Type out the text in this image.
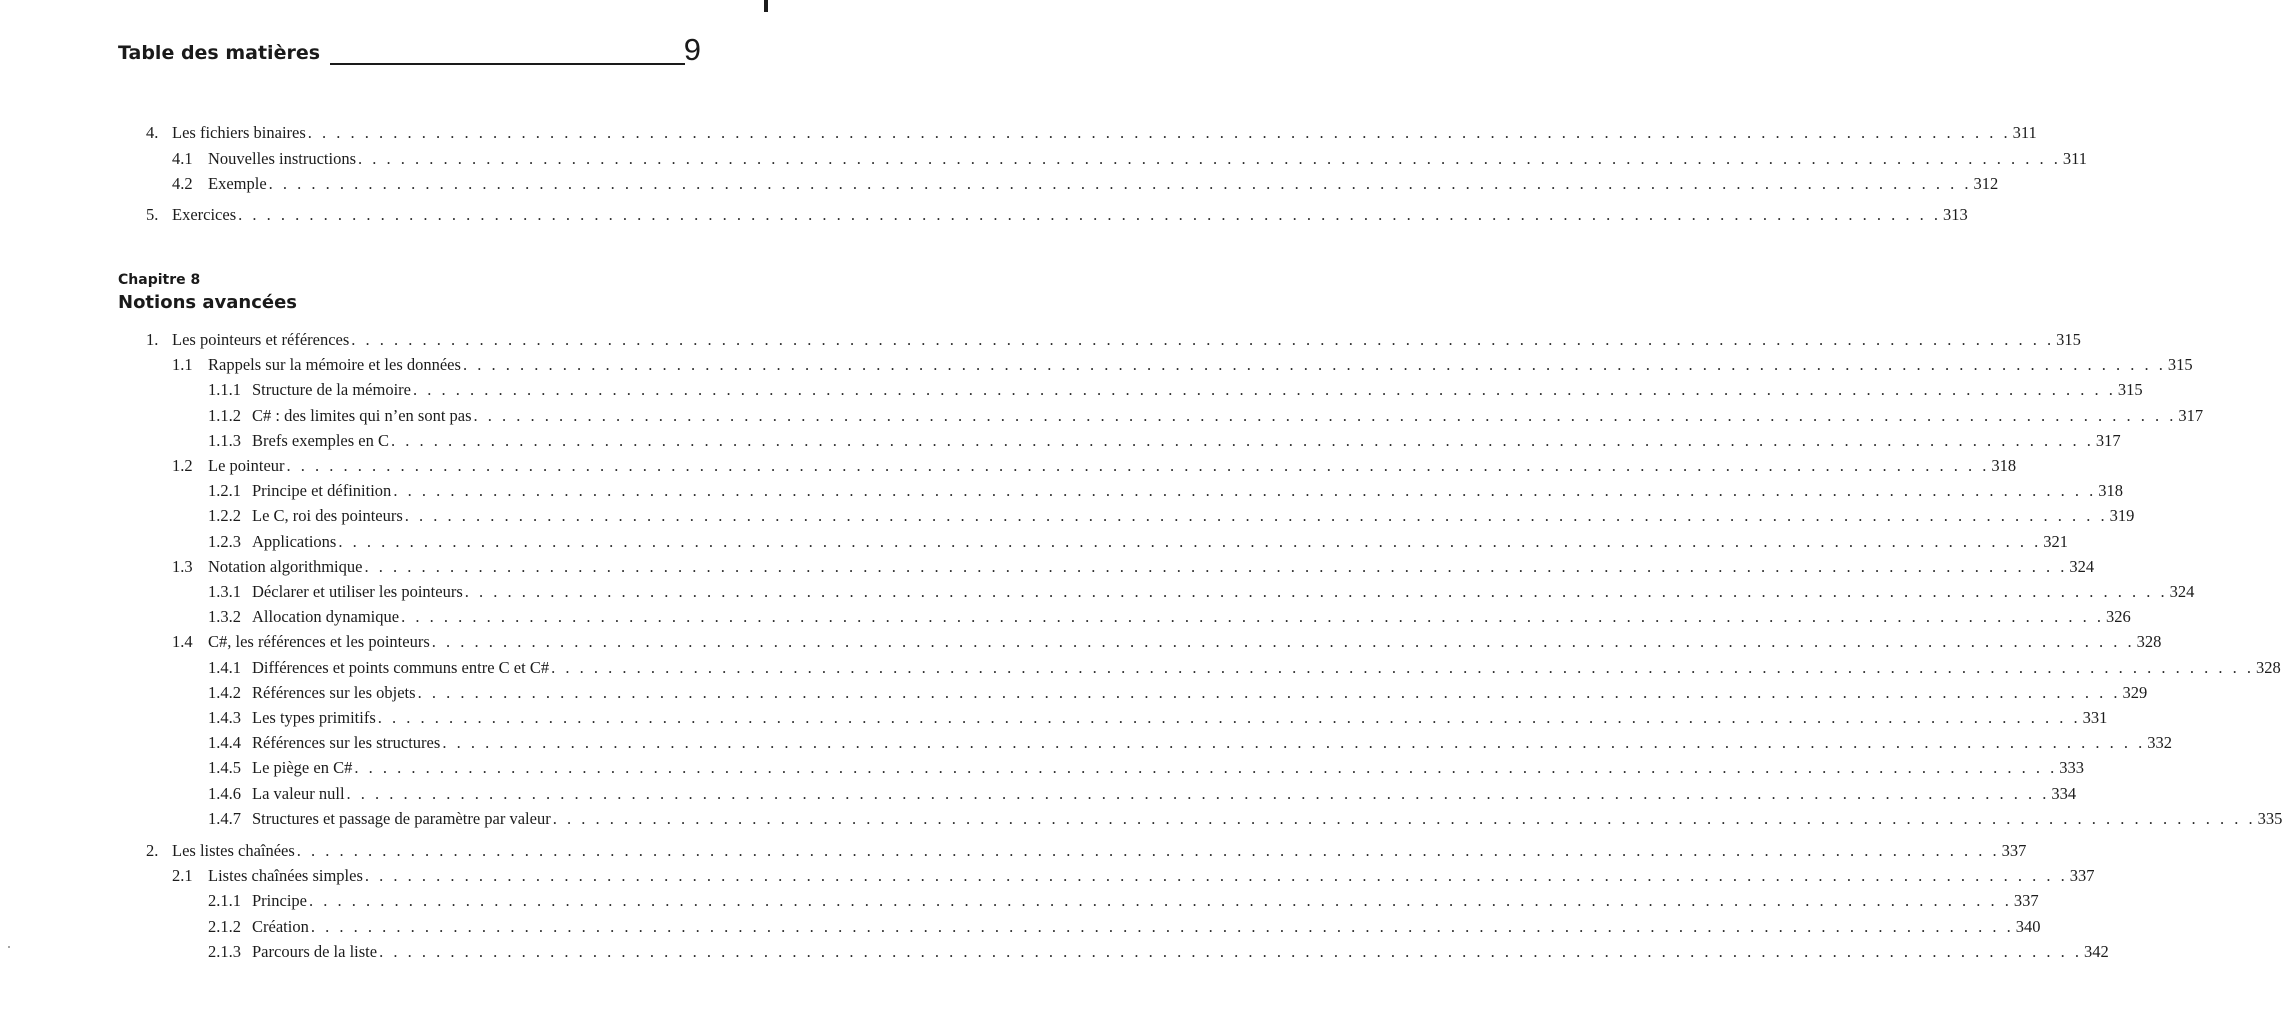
Table des matières	9
4. Les fichiers binaires . . . . . . . . . . . . . . . . . . . . . . . . . . . . . . . . . . . . . . . . . . . . . . . . . . . . . . . . . . . . . . . . . . . . . . . . . . . . . . . . . . . . . . . . . . . . . . . . . . . . . . . . . . . . . . . . . . . . . . . . 311
4.1 Nouvelles instructions . . . . . . . . . . . . . . . . . . . . . . . . . . . . . . . . . . . . . . . . . . . . . . . . . . . . . . . . . . . . . . . . . . . . . . . . . . . . . . . . . . . . . . . . . . . . . . . . . . . . . . . . . . . . . . . . . . . . . . . . 311
4.2 Exemple . . . . . . . . . . . . . . . . . . . . . . . . . . . . . . . . . . . . . . . . . . . . . . . . . . . . . . . . . . . . . . . . . . . . . . . . . . . . . . . . . . . . . . . . . . . . . . . . . . . . . . . . . . . . . . . . . . . . . . . . 312
5. Exercices . . . . . . . . . . . . . . . . . . . . . . . . . . . . . . . . . . . . . . . . . . . . . . . . . . . . . . . . . . . . . . . . . . . . . . . . . . . . . . . . . . . . . . . . . . . . . . . . . . . . . . . . . . . . . . . . . . . . . . . . 313
Chapitre 8
Notions avancées
1. Les pointeurs et références . . . . . . . . . . . . . . . . . . . . . . . . . . . . . . . . . . . . . . . . . . . . . . . . . . . . . . . . . . . . . . . . . . . . . . . . . . . . . . . . . . . . . . . . . . . . . . . . . . . . . . . . . . . . . . . . . . . . . . . . 315
1.1 Rappels sur la mémoire et les données . . . . . . . . . . . . . . . . . . . . . . . . . . . . . . . . . . . . . . . . . . . . . . . . . . . . . . . . . . . . . . . . . . . . . . . . . . . . . . . . . . . . . . . . . . . . . . . . . . . . . . . . . . . . . . . . . . . . . . . . 315
1.1.1 Structure de la mémoire . . . . . . . . . . . . . . . . . . . . . . . . . . . . . . . . . . . . . . . . . . . . . . . . . . . . . . . . . . . . . . . . . . . . . . . . . . . . . . . . . . . . . . . . . . . . . . . . . . . . . . . . . . . . . . . . . . . . . . . . 315
1.1.2 C# : des limites qui n’en sont pas . . . . . . . . . . . . . . . . . . . . . . . . . . . . . . . . . . . . . . . . . . . . . . . . . . . . . . . . . . . . . . . . . . . . . . . . . . . . . . . . . . . . . . . . . . . . . . . . . . . . . . . . . . . . . . . . . . . . . . . . 317
1.1.3 Brefs exemples en C . . . . . . . . . . . . . . . . . . . . . . . . . . . . . . . . . . . . . . . . . . . . . . . . . . . . . . . . . . . . . . . . . . . . . . . . . . . . . . . . . . . . . . . . . . . . . . . . . . . . . . . . . . . . . . . . . . . . . . . . 317
1.2 Le pointeur . . . . . . . . . . . . . . . . . . . . . . . . . . . . . . . . . . . . . . . . . . . . . . . . . . . . . . . . . . . . . . . . . . . . . . . . . . . . . . . . . . . . . . . . . . . . . . . . . . . . . . . . . . . . . . . . . . . . . . . . 318
1.2.1 Principe et définition . . . . . . . . . . . . . . . . . . . . . . . . . . . . . . . . . . . . . . . . . . . . . . . . . . . . . . . . . . . . . . . . . . . . . . . . . . . . . . . . . . . . . . . . . . . . . . . . . . . . . . . . . . . . . . . . . . . . . . . . 318
1.2.2 Le C, roi des pointeurs . . . . . . . . . . . . . . . . . . . . . . . . . . . . . . . . . . . . . . . . . . . . . . . . . . . . . . . . . . . . . . . . . . . . . . . . . . . . . . . . . . . . . . . . . . . . . . . . . . . . . . . . . . . . . . . . . . . . . . . . 319
1.2.3 Applications . . . . . . . . . . . . . . . . . . . . . . . . . . . . . . . . . . . . . . . . . . . . . . . . . . . . . . . . . . . . . . . . . . . . . . . . . . . . . . . . . . . . . . . . . . . . . . . . . . . . . . . . . . . . . . . . . . . . . . . . 321
1.3 Notation algorithmique . . . . . . . . . . . . . . . . . . . . . . . . . . . . . . . . . . . . . . . . . . . . . . . . . . . . . . . . . . . . . . . . . . . . . . . . . . . . . . . . . . . . . . . . . . . . . . . . . . . . . . . . . . . . . . . . . . . . . . . . 324
1.3.1 Déclarer et utiliser les pointeurs . . . . . . . . . . . . . . . . . . . . . . . . . . . . . . . . . . . . . . . . . . . . . . . . . . . . . . . . . . . . . . . . . . . . . . . . . . . . . . . . . . . . . . . . . . . . . . . . . . . . . . . . . . . . . . . . . . . . . . . . 324
1.3.2 Allocation dynamique . . . . . . . . . . . . . . . . . . . . . . . . . . . . . . . . . . . . . . . . . . . . . . . . . . . . . . . . . . . . . . . . . . . . . . . . . . . . . . . . . . . . . . . . . . . . . . . . . . . . . . . . . . . . . . . . . . . . . . . . 326
1.4 C#, les références et les pointeurs . . . . . . . . . . . . . . . . . . . . . . . . . . . . . . . . . . . . . . . . . . . . . . . . . . . . . . . . . . . . . . . . . . . . . . . . . . . . . . . . . . . . . . . . . . . . . . . . . . . . . . . . . . . . . . . . . . . . . . . . 328
1.4.1 Différences et points communs entre C et C# . . . . . . . . . . . . . . . . . . . . . . . . . . . . . . . . . . . . . . . . . . . . . . . . . . . . . . . . . . . . . . . . . . . . . . . . . . . . . . . . . . . . . . . . . . . . . . . . . . . . . . . . . . . . . . . . . . . . . . . . 328
1.4.2 Références sur les objets . . . . . . . . . . . . . . . . . . . . . . . . . . . . . . . . . . . . . . . . . . . . . . . . . . . . . . . . . . . . . . . . . . . . . . . . . . . . . . . . . . . . . . . . . . . . . . . . . . . . . . . . . . . . . . . . . . . . . . . . 329
1.4.3 Les types primitifs . . . . . . . . . . . . . . . . . . . . . . . . . . . . . . . . . . . . . . . . . . . . . . . . . . . . . . . . . . . . . . . . . . . . . . . . . . . . . . . . . . . . . . . . . . . . . . . . . . . . . . . . . . . . . . . . . . . . . . . . 331
1.4.4 Références sur les structures . . . . . . . . . . . . . . . . . . . . . . . . . . . . . . . . . . . . . . . . . . . . . . . . . . . . . . . . . . . . . . . . . . . . . . . . . . . . . . . . . . . . . . . . . . . . . . . . . . . . . . . . . . . . . . . . . . . . . . . . 332
1.4.5 Le piège en C# . . . . . . . . . . . . . . . . . . . . . . . . . . . . . . . . . . . . . . . . . . . . . . . . . . . . . . . . . . . . . . . . . . . . . . . . . . . . . . . . . . . . . . . . . . . . . . . . . . . . . . . . . . . . . . . . . . . . . . . . 333
1.4.6 La valeur null . . . . . . . . . . . . . . . . . . . . . . . . . . . . . . . . . . . . . . . . . . . . . . . . . . . . . . . . . . . . . . . . . . . . . . . . . . . . . . . . . . . . . . . . . . . . . . . . . . . . . . . . . . . . . . . . . . . . . . . . 334
1.4.7 Structures et passage de paramètre par valeur . . . . . . . . . . . . . . . . . . . . . . . . . . . . . . . . . . . . . . . . . . . . . . . . . . . . . . . . . . . . . . . . . . . . . . . . . . . . . . . . . . . . . . . . . . . . . . . . . . . . . . . . . . . . . . . . . . . . . . . . 335
2. Les listes chaînées . . . . . . . . . . . . . . . . . . . . . . . . . . . . . . . . . . . . . . . . . . . . . . . . . . . . . . . . . . . . . . . . . . . . . . . . . . . . . . . . . . . . . . . . . . . . . . . . . . . . . . . . . . . . . . . . . . . . . . . . 337
2.1 Listes chaînées simples . . . . . . . . . . . . . . . . . . . . . . . . . . . . . . . . . . . . . . . . . . . . . . . . . . . . . . . . . . . . . . . . . . . . . . . . . . . . . . . . . . . . . . . . . . . . . . . . . . . . . . . . . . . . . . . . . . . . . . . . 337
2.1.1 Principe . . . . . . . . . . . . . . . . . . . . . . . . . . . . . . . . . . . . . . . . . . . . . . . . . . . . . . . . . . . . . . . . . . . . . . . . . . . . . . . . . . . . . . . . . . . . . . . . . . . . . . . . . . . . . . . . . . . . . . . . 337
2.1.2 Création . . . . . . . . . . . . . . . . . . . . . . . . . . . . . . . . . . . . . . . . . . . . . . . . . . . . . . . . . . . . . . . . . . . . . . . . . . . . . . . . . . . . . . . . . . . . . . . . . . . . . . . . . . . . . . . . . . . . . . . . 340
2.1.3 Parcours de la liste . . . . . . . . . . . . . . . . . . . . . . . . . . . . . . . . . . . . . . . . . . . . . . . . . . . . . . . . . . . . . . . . . . . . . . . . . . . . . . . . . . . . . . . . . . . . . . . . . . . . . . . . . . . . . . . . . . . . . . . . 342
